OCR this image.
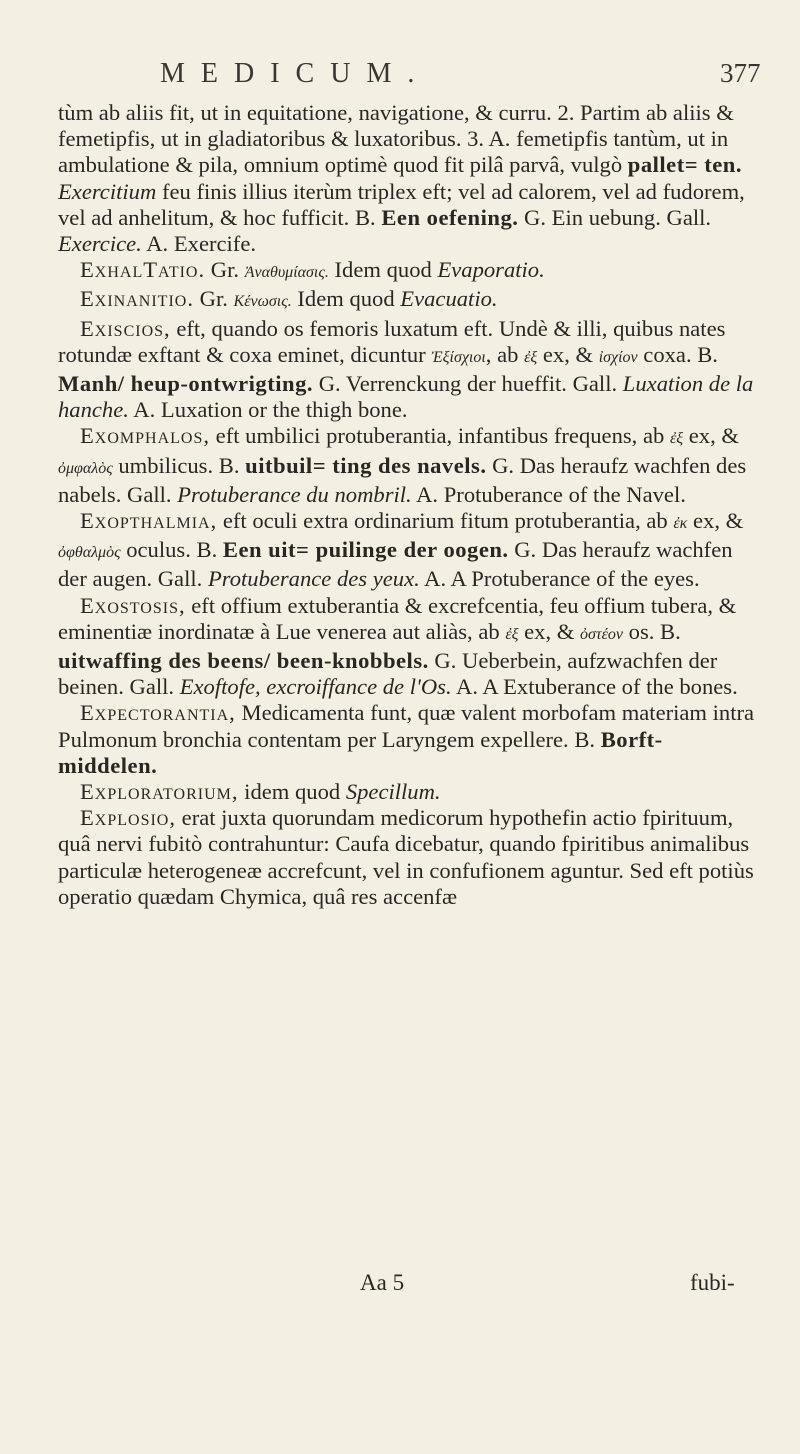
MEDICUM.	377

tùm ab aliis fit, ut in equitatione, navigatione, & curru. 2. Partim ab aliis & femetipfis, ut in gladiatoribus & luxatoribus. 3. A. femetipfis tantùm, ut in ambulatione & pila, omnium optimè quod fit pilâ parvâ, vulgò pallet= ten. Exercitium feu finis illius iterùm triplex eft; vel ad calorem, vel ad fudorem, vel ad anhelitum, & hoc fufficit. B. Een oefening. G. Ein uebung. Gall. Exercice. A. Exercife.

ExhalTatio. Gr. Ἀναθυμίασις. Idem quod Evaporatio.

Exinanitio. Gr. Κένωσις. Idem quod Evacuatio.

Exiscios, eft, quando os femoris luxatum eft. Undè & illi, quibus nates rotundæ exftant & coxa eminet, dicuntur Ἐξίσχιοι, ab ἐξ ex, & ἰσχίον coxa. B. Manh/ heup-ontwrigting. G. Verrenckung der hueffit. Gall. Luxation de la hanche. A. Luxation or the thigh bone.

Exomphalos, eft umbilici protuberantia, infantibus frequens, ab ἐξ ex, & ὀμφαλὸς umbilicus. B. uitbuil= ting des navels. G. Das heraufz wachfen des nabels. Gall. Protuberance du nombril. A. Protuberance of the Navel.

Exopthalmia, eft oculi extra ordinarium fitum protuberantia, ab ἐκ ex, & ὀφθαλμὸς oculus. B. Een uit= puilinge der oogen. G. Das heraufz wachfen der augen. Gall. Protuberance des yeux. A. A Protuberance of the eyes.

Exostosis, eft offium extuberantia & excrefcentia, feu offium tubera, & eminentiæ inordinatæ à Lue venerea aut aliàs, ab ἐξ ex, & ὀστέον os. B. uitwaffing des beens/ been-knobbels. G. Ueberbein, aufzwachfen der beinen. Gall. Exoftofe, excroiffance de l'Os. A. A Extuberance of the bones.

Expectorantia, Medicamenta funt, quæ valent morbofam materiam intra Pulmonum bronchia contentam per Laryngem expellere. B. Borft-middelen.

Exploratorium, idem quod Specillum.

Explosio, erat juxta quorundam medicorum hypothefin actio fpirituum, quâ nervi fubitò contrahuntur: Caufa dicebatur, quando fpiritibus animalibus particulæ heterogeneæ accrefcunt, vel in confufionem aguntur. Sed eft potiùs operatio quædam Chymica, quâ res accenfæ

Aa 5	fubi-
